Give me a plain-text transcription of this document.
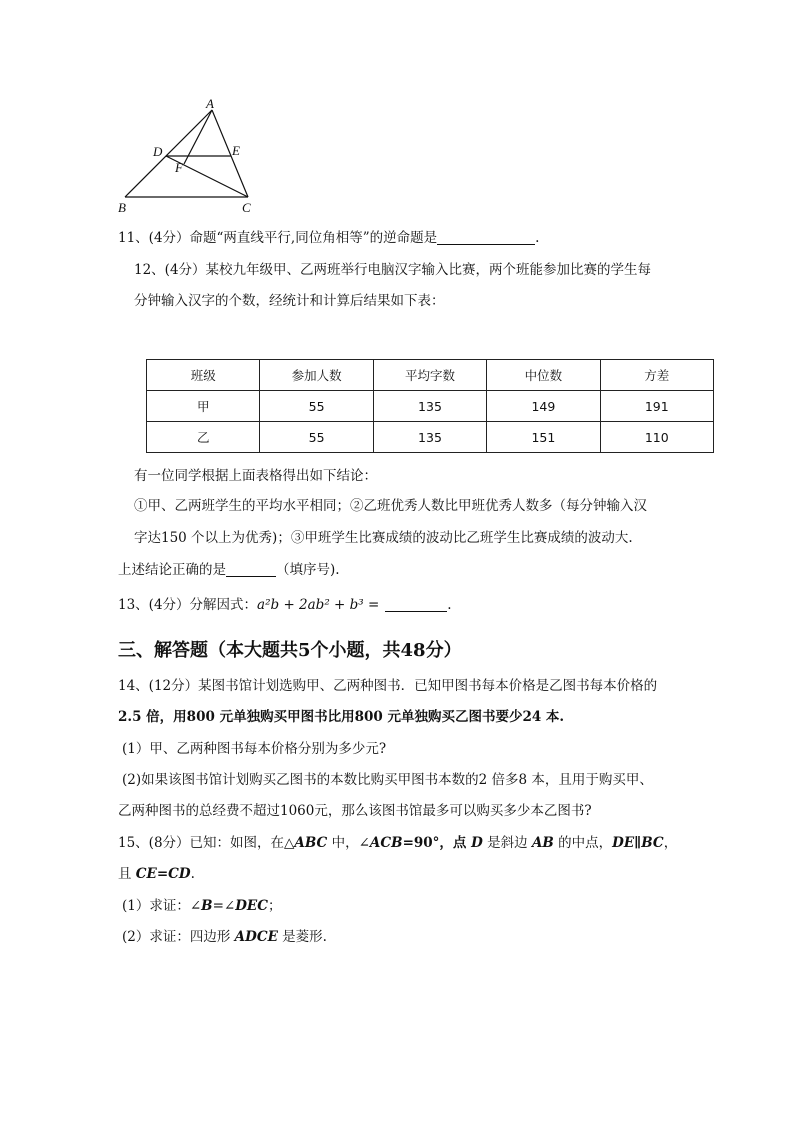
A
D	E
F
B	C
11、(4分）命题“两直线平行,同位角相等”的逆命题是	.
12、(4分）某校九年级甲、乙两班举行电脑汉字输入比赛，两个班能参加比赛的学生每
分钟输入汉字的个数，经统计和计算后结果如下表：
班级	参加人数	平均字数	中位数	方差
甲	55	135	149	191
乙	55	135	151	110
有一位同学根据上面表格得出如下结论：
①甲、乙两班学生的平均水平相同；②乙班优秀人数比甲班优秀人数多（每分钟输入汉
字达150 个以上为优秀)；③甲班学生比赛成绩的波动比乙班学生比赛成绩的波动大.
上述结论正确的是	（填序号).
13、(4分）分解因式：a²b + 2ab² + b³ =	.
三、解答题（本大题共5个小题，共48分）
14、(12分）某图书馆计划选购甲、乙两种图书．已知甲图书每本价格是乙图书每本价格的
2.5 倍，用800 元单独购买甲图书比用800 元单独购买乙图书要少24 本.
(1）甲、乙两种图书每本价格分别为多少元?
(2)如果该图书馆计划购买乙图书的本数比购买甲图书本数的2 倍多8 本，且用于购买甲、
乙两种图书的总经费不超过1060元，那么该图书馆最多可以购买多少本乙图书?
15、(8分）已知：如图，在△ABC 中，∠ACB=90°，点 D 是斜边 AB 的中点，DE∥BC，
且 CE=CD.
(1）求证：∠B=∠DEC；
(2）求证：四边形 ADCE 是菱形.
